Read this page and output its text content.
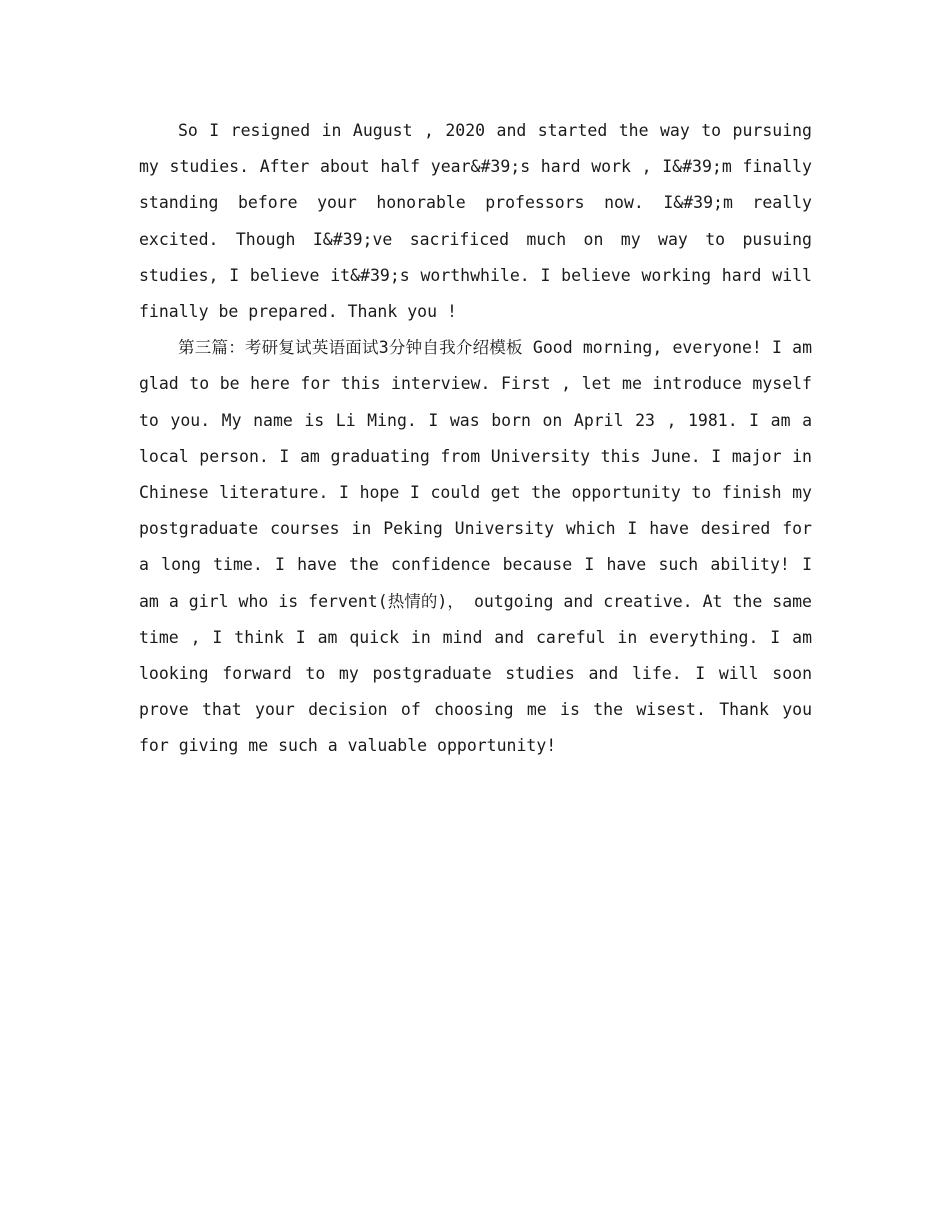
So I resigned in August , 2020 and started the way to pursuing my studies. After about half year&#39;s hard work , I&#39;m finally standing before your honorable professors now. I&#39;m really excited. Though I&#39;ve sacrificed much on my way to pusuing studies, I believe it&#39;s worthwhile. I believe working hard will finally be prepared. Thank you !

第三篇：考研复试英语面试3分钟自我介绍模板 Good morning, everyone! I am glad to be here for this interview. First , let me introduce myself to you. My name is Li Ming. I was born on April 23 , 1981. I am a local person. I am graduating from University this June. I major in Chinese literature. I hope I could get the opportunity to finish my postgraduate courses in Peking University which I have desired for a long time. I have the confidence because I have such ability! I am a girl who is fervent(热情的)， outgoing and creative. At the same time , I think I am quick in mind and careful in everything. I am looking forward to my postgraduate studies and life. I will soon prove that your decision of choosing me is the wisest. Thank you for giving me such a valuable opportunity!
